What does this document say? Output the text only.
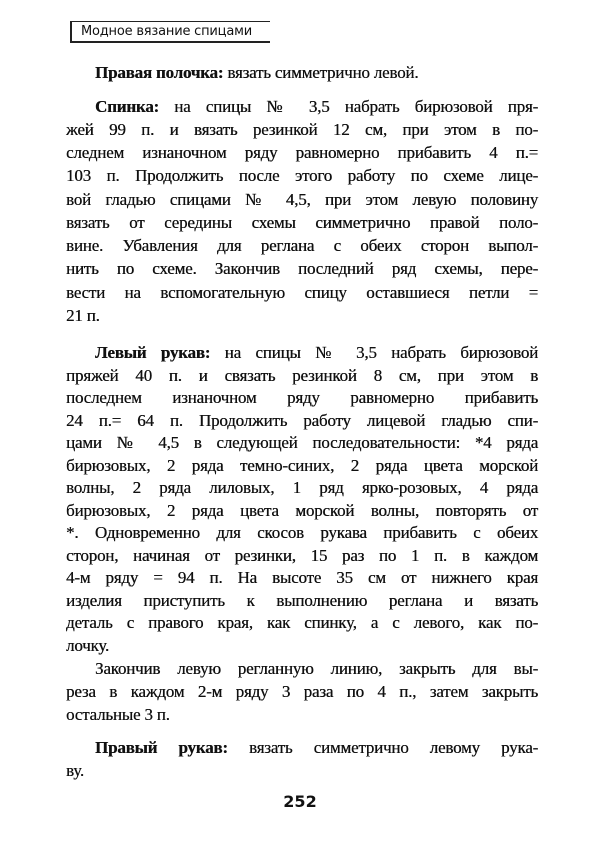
Модное вязание спицами
Правая полочка: вязать симметрично левой.
Спинка: на спицы № 3,5 набрать бирюзовой пря-
жей 99 п. и вязать резинкой 12 см, при этом в по-
следнем изнаночном ряду равномерно прибавить 4 п.=
103 п. Продолжить после этого работу по схеме лице-
вой гладью спицами № 4,5, при этом левую половину
вязать от середины схемы симметрично правой поло-
вине. Убавления для реглана с обеих сторон выпол-
нить по схеме. Закончив последний ряд схемы, пере-
вести на вспомогательную спицу оставшиеся петли =
21 п.
Левый рукав: на спицы № 3,5 набрать бирюзовой
пряжей 40 п. и связать резинкой 8 см, при этом в
последнем изнаночном ряду равномерно прибавить
24 п.= 64 п. Продолжить работу лицевой гладью спи-
цами № 4,5 в следующей последовательности: *4 ряда
бирюзовых, 2 ряда темно-синих, 2 ряда цвета морской
волны, 2 ряда лиловых, 1 ряд ярко-розовых, 4 ряда
бирюзовых, 2 ряда цвета морской волны, повторять от
*. Одновременно для скосов рукава прибавить с обеих
сторон, начиная от резинки, 15 раз по 1 п. в каждом
4-м ряду = 94 п. На высоте 35 см от нижнего края
изделия приступить к выполнению реглана и вязать
деталь с правого края, как спинку, а с левого, как по-
лочку.
Закончив левую регланную линию, закрыть для вы-
реза в каждом 2-м ряду 3 раза по 4 п., затем закрыть
остальные 3 п.
Правый рукав: вязать симметрично левому рука-
ву.
252
